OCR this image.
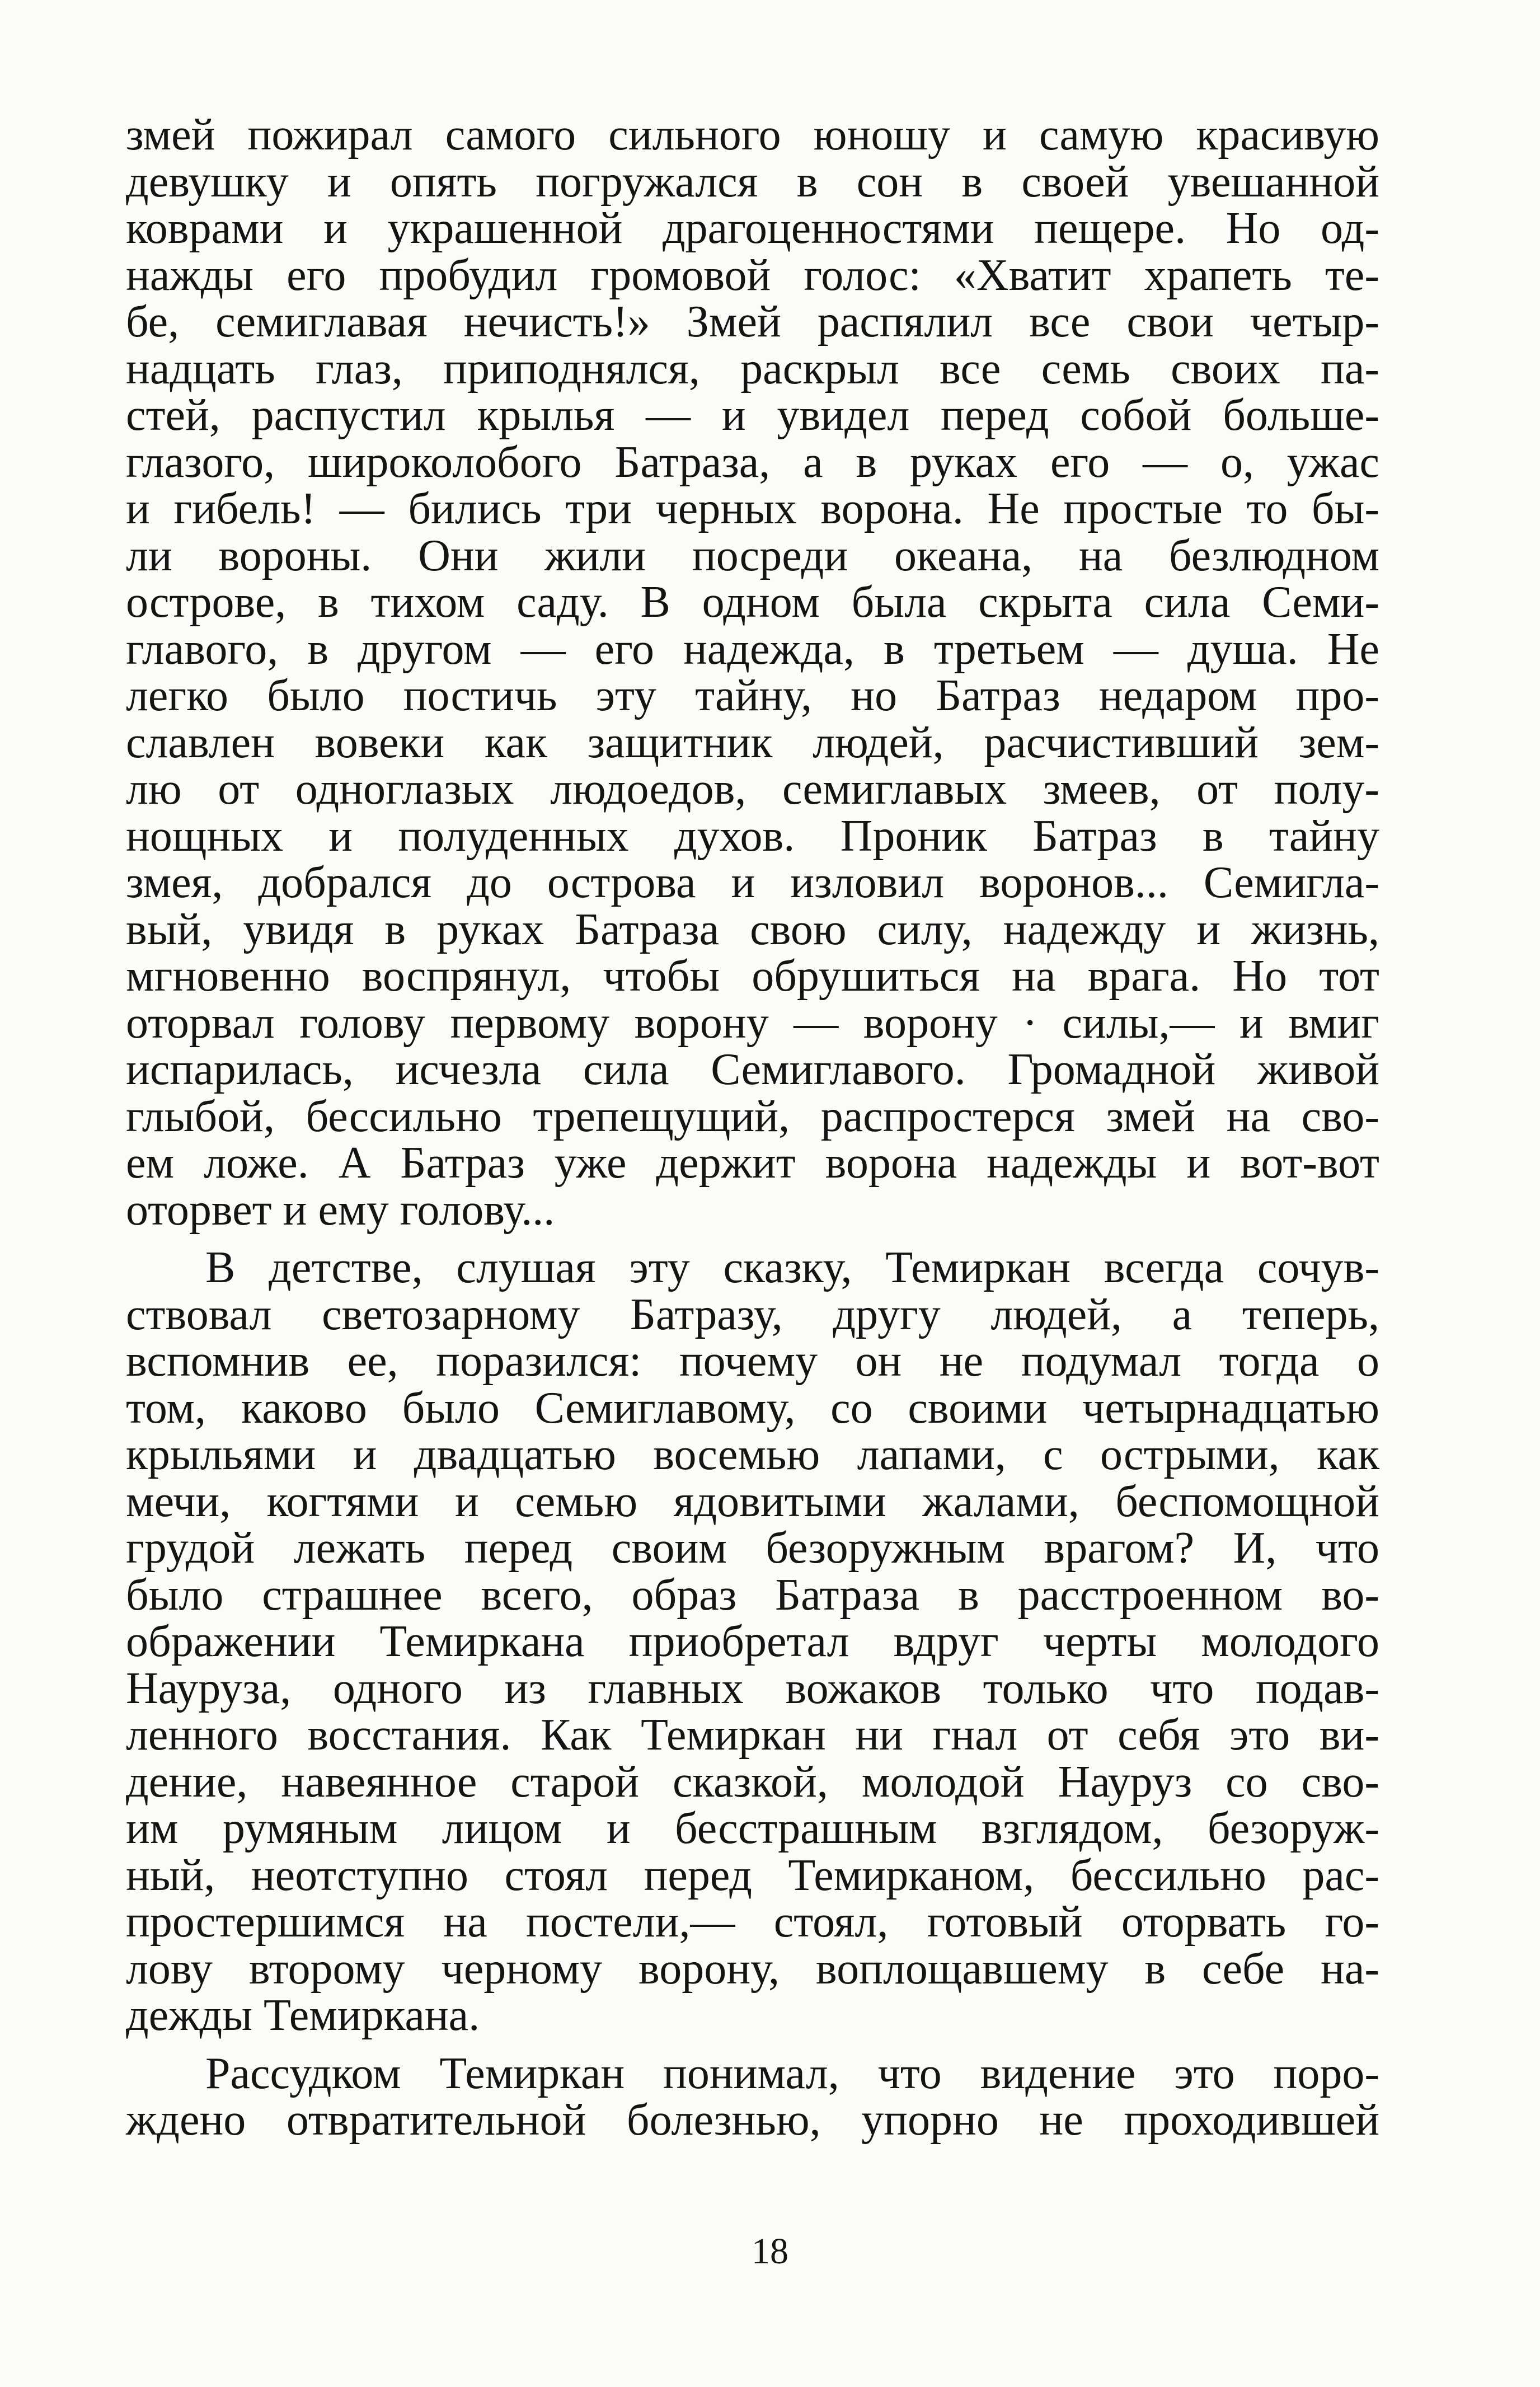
змей пожирал самого сильного юношу и самую красивую
девушку и опять погружался в сон в своей увешанной
коврами и украшенной драгоценностями пещере. Но од-
нажды его пробудил громовой голос: «Хватит храпеть те-
бе, семиглавая нечисть!» Змей распялил все свои четыр-
надцать глаз, приподнялся, раскрыл все семь своих па-
стей, распустил крылья — и увидел перед собой больше-
глазого, широколобого Батраза, а в руках его — о, ужас
и гибель! — бились три черных ворона. Не простые то бы-
ли вороны. Они жили посреди океана, на безлюдном
острове, в тихом саду. В одном была скрыта сила Семи-
главого, в другом — его надежда, в третьем — душа. Не
легко было постичь эту тайну, но Батраз недаром про-
славлен вовеки как защитник людей, расчистивший зем-
лю от одноглазых людоедов, семиглавых змеев, от полу-
нощных и полуденных духов. Проник Батраз в тайну
змея, добрался до острова и изловил воронов... Семигла-
вый, увидя в руках Батраза свою силу, надежду и жизнь,
мгновенно воспрянул, чтобы обрушиться на врага. Но тот
оторвал голову первому ворону — ворону · силы,— и вмиг
испарилась, исчезла сила Семиглавого. Громадной живой
глыбой, бессильно трепещущий, распростерся змей на сво-
ем ложе. А Батраз уже держит ворона надежды и вот-вот
оторвет и ему голову...
В детстве, слушая эту сказку, Темиркан всегда сочув-
ствовал светозарному Батразу, другу людей, а теперь,
вспомнив ее, поразился: почему он не подумал тогда о
том, каково было Семиглавому, со своими четырнадцатью
крыльями и двадцатью восемью лапами, с острыми, как
мечи, когтями и семью ядовитыми жалами, беспомощной
грудой лежать перед своим безоружным врагом? И, что
было страшнее всего, образ Батраза в расстроенном во-
ображении Темиркана приобретал вдруг черты молодого
Науруза, одного из главных вожаков только что подав-
ленного восстания. Как Темиркан ни гнал от себя это ви-
дение, навеянное старой сказкой, молодой Науруз со сво-
им румяным лицом и бесстрашным взглядом, безоруж-
ный, неотступно стоял перед Темирканом, бессильно рас-
простершимся на постели,— стоял, готовый оторвать го-
лову второму черному ворону, воплощавшему в себе на-
дежды Темиркана.
Рассудком Темиркан понимал, что видение это поро-
ждено отвратительной болезнью, упорно не проходившей
18
